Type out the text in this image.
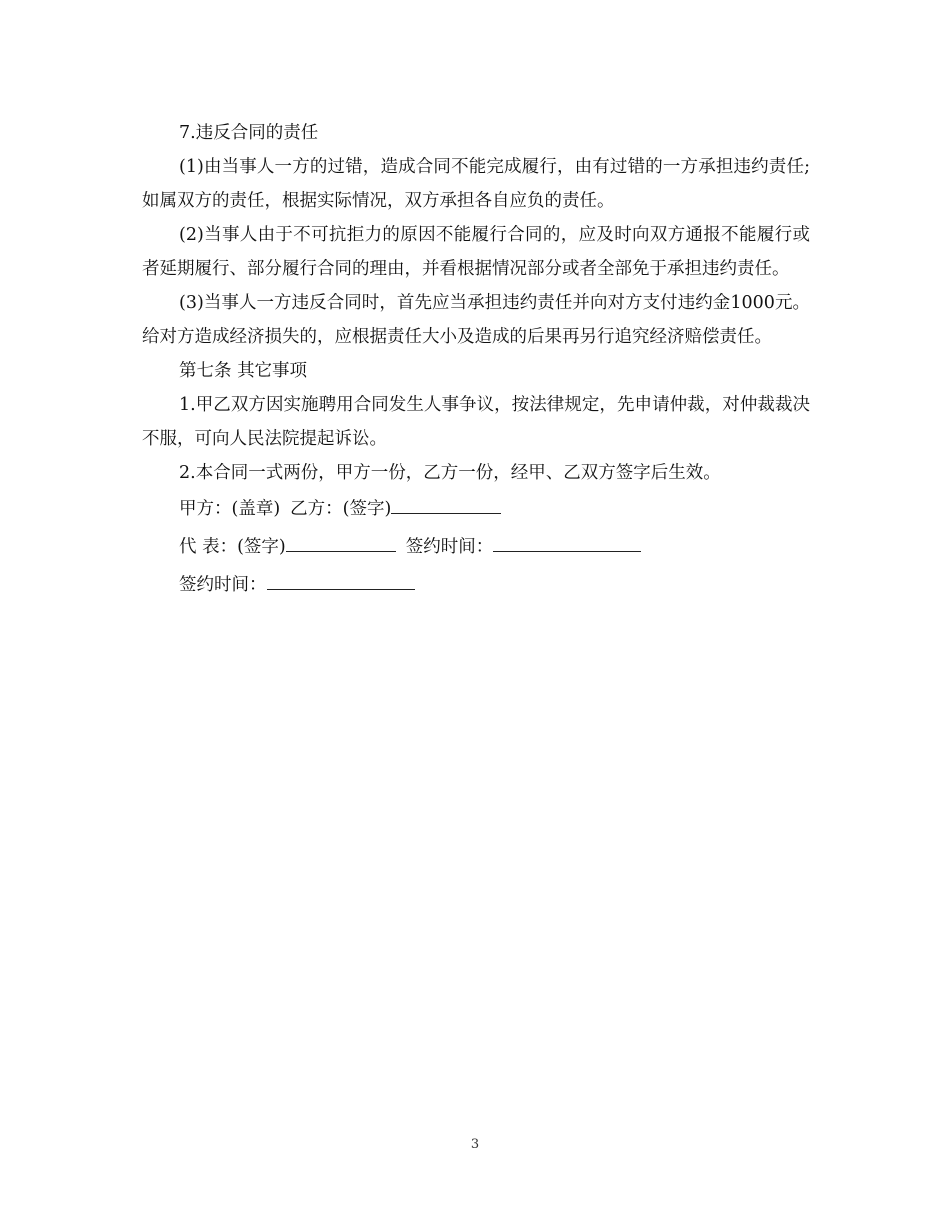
7.违反合同的责任

(1)由当事人一方的过错，造成合同不能完成履行，由有过错的一方承担违约责任;如属双方的责任，根据实际情况，双方承担各自应负的责任。

(2)当事人由于不可抗拒力的原因不能履行合同的，应及时向双方通报不能履行或者延期履行、部分履行合同的理由，并看根据情况部分或者全部免于承担违约责任。

(3)当事人一方违反合同时，首先应当承担违约责任并向对方支付违约金1000元。给对方造成经济损失的，应根据责任大小及造成的后果再另行追究经济赔偿责任。

第七条 其它事项

1.甲乙双方因实施聘用合同发生人事争议，按法律规定，先申请仲裁，对仲裁裁决不服，可向人民法院提起诉讼。

2.本合同一式两份，甲方一份，乙方一份，经甲、乙双方签字后生效。

甲方：(盖章) 乙方：(签字)
代 表：(签字)	签约时间：
签约时间：
3
